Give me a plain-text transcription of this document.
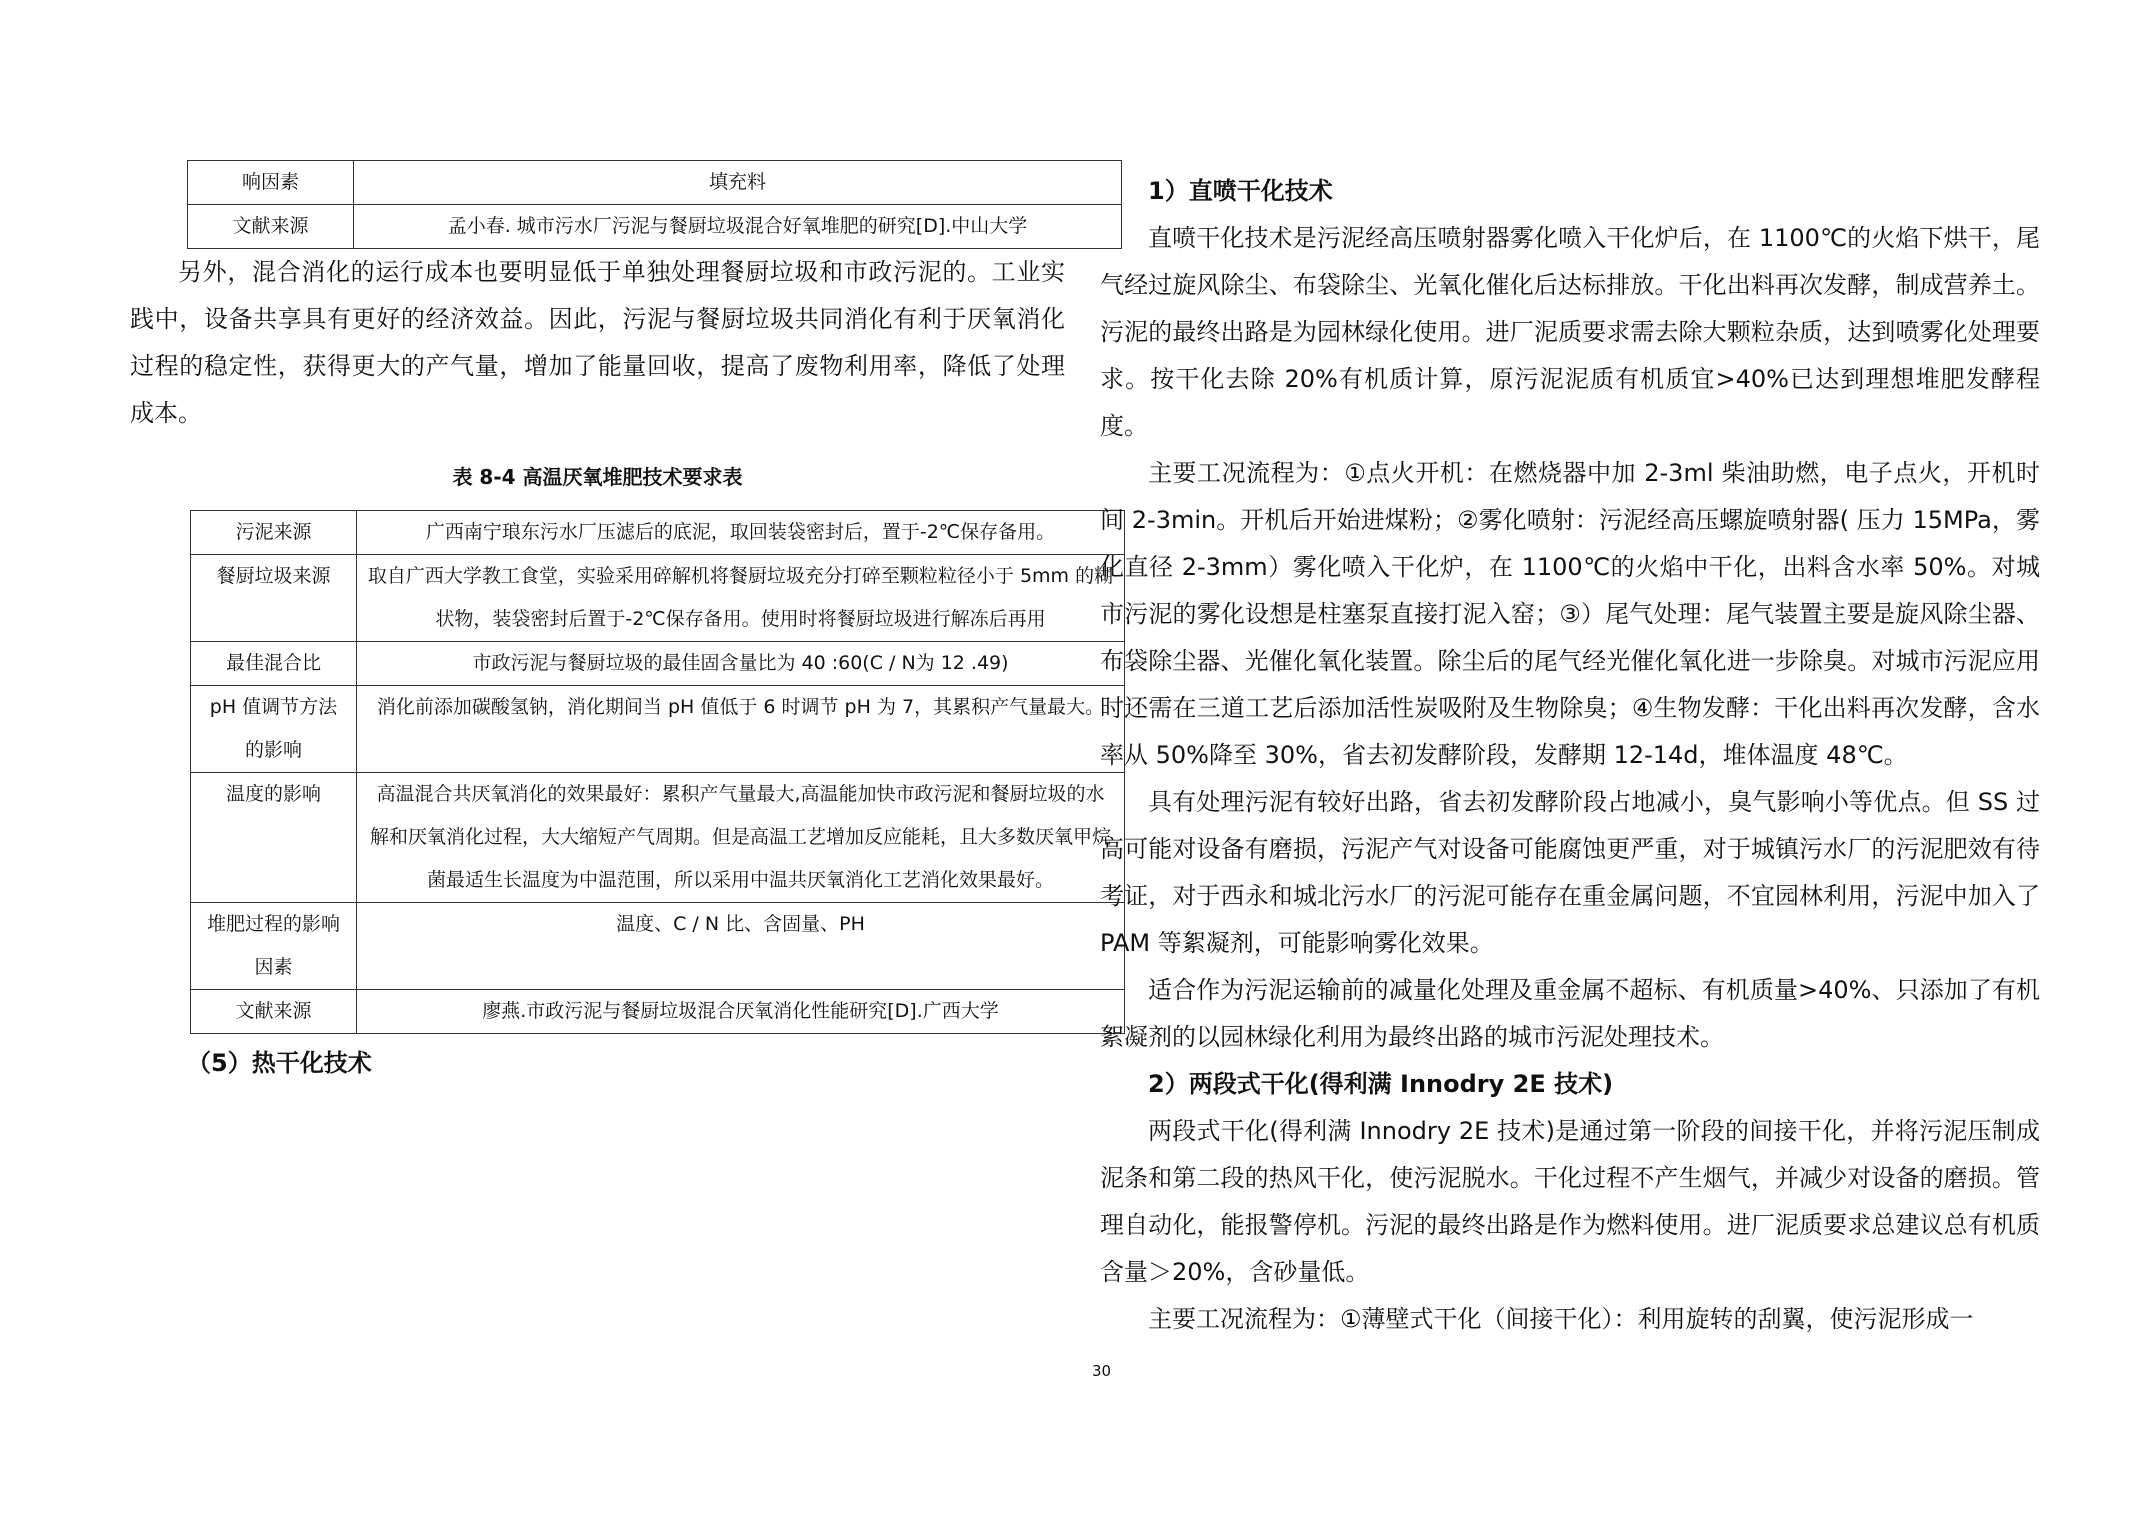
响因素	填充料
文献来源	孟小春. 城市污水厂污泥与餐厨垃圾混合好氧堆肥的研究[D].中山大学

另外，混合消化的运行成本也要明显低于单独处理餐厨垃圾和市政污泥的。工业实践中，设备共享具有更好的经济效益。因此，污泥与餐厨垃圾共同消化有利于厌氧消化过程的稳定性，获得更大的产气量，增加了能量回收，提高了废物利用率，降低了处理成本。

表 8-4 高温厌氧堆肥技术要求表
污泥来源	广西南宁琅东污水厂压滤后的底泥，取回装袋密封后，置于-2℃保存备用。
餐厨垃圾来源	取自广西大学教工食堂，实验采用碎解机将餐厨垃圾充分打碎至颗粒粒径小于 5mm 的糊状物，装袋密封后置于-2℃保存备用。使用时将餐厨垃圾进行解冻后再用
最佳混合比	市政污泥与餐厨垃圾的最佳固含量比为 40 :60(C / N为 12 .49)
pH 值调节方法的影响	消化前添加碳酸氢钠，消化期间当 pH 值低于 6 时调节 pH 为 7，其累积产气量最大。
温度的影响	高温混合共厌氧消化的效果最好：累积产气量最大,高温能加快市政污泥和餐厨垃圾的水解和厌氧消化过程，大大缩短产气周期。但是高温工艺增加反应能耗，且大多数厌氧甲烷菌最适生长温度为中温范围，所以采用中温共厌氧消化工艺消化效果最好。
堆肥过程的影响因素	温度、C / N 比、含固量、PH
文献来源	廖燕.市政污泥与餐厨垃圾混合厌氧消化性能研究[D].广西大学

（5）热干化技术

1）直喷干化技术

直喷干化技术是污泥经高压喷射器雾化喷入干化炉后，在 1100℃的火焰下烘干，尾气经过旋风除尘、布袋除尘、光氧化催化后达标排放。干化出料再次发酵，制成营养土。污泥的最终出路是为园林绿化使用。进厂泥质要求需去除大颗粒杂质，达到喷雾化处理要求。按干化去除 20%有机质计算，原污泥泥质有机质宜>40%已达到理想堆肥发酵程度。

主要工况流程为：①点火开机：在燃烧器中加 2-3ml 柴油助燃，电子点火，开机时间 2-3min。开机后开始进煤粉；②雾化喷射：污泥经高压螺旋喷射器( 压力 15MPa，雾化直径 2-3mm）雾化喷入干化炉，在 1100℃的火焰中干化，出料含水率 50%。对城市污泥的雾化设想是柱塞泵直接打泥入窑；③）尾气处理：尾气装置主要是旋风除尘器、布袋除尘器、光催化氧化装置。除尘后的尾气经光催化氧化进一步除臭。对城市污泥应用时还需在三道工艺后添加活性炭吸附及生物除臭；④生物发酵：干化出料再次发酵，含水率从 50%降至 30%，省去初发酵阶段，发酵期 12-14d，堆体温度 48℃。

具有处理污泥有较好出路，省去初发酵阶段占地减小，臭气影响小等优点。但 SS 过高可能对设备有磨损，污泥产气对设备可能腐蚀更严重，对于城镇污水厂的污泥肥效有待考证，对于西永和城北污水厂的污泥可能存在重金属问题，不宜园林利用，污泥中加入了 PAM 等絮凝剂，可能影响雾化效果。

适合作为污泥运输前的减量化处理及重金属不超标、有机质量>40%、只添加了有机絮凝剂的以园林绿化利用为最终出路的城市污泥处理技术。

2）两段式干化(得利满 Innodry 2E 技术)

两段式干化(得利满 Innodry 2E 技术)是通过第一阶段的间接干化，并将污泥压制成泥条和第二段的热风干化，使污泥脱水。干化过程不产生烟气，并减少对设备的磨损。管理自动化，能报警停机。污泥的最终出路是作为燃料使用。进厂泥质要求总建议总有机质含量＞20%，含砂量低。

主要工况流程为：①薄壁式干化（间接干化）：利用旋转的刮翼，使污泥形成一

30
